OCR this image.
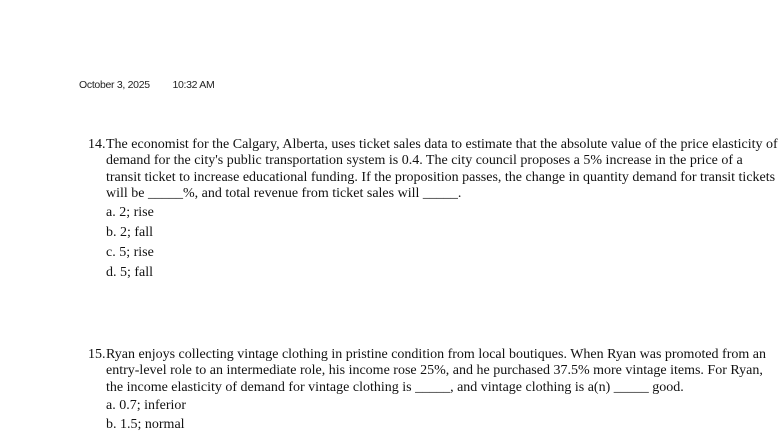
October 3, 2025 10:32 AM
14. The economist for the Calgary, Alberta, uses ticket sales data to estimate that the absolute value of the price elasticity of demand for the city's public transportation system is 0.4. The city council proposes a 5% increase in the price of a transit ticket to increase educational funding. If the proposition passes, the change in quantity demand for transit tickets will be _____%, and total revenue from ticket sales will _____.
a. 2; rise
b. 2; fall
c. 5; rise
d. 5; fall
15. Ryan enjoys collecting vintage clothing in pristine condition from local boutiques. When Ryan was promoted from an entry-level role to an intermediate role, his income rose 25%, and he purchased 37.5% more vintage items. For Ryan, the income elasticity of demand for vintage clothing is _____, and vintage clothing is a(n) _____ good.
a. 0.7; inferior
b. 1.5; normal
